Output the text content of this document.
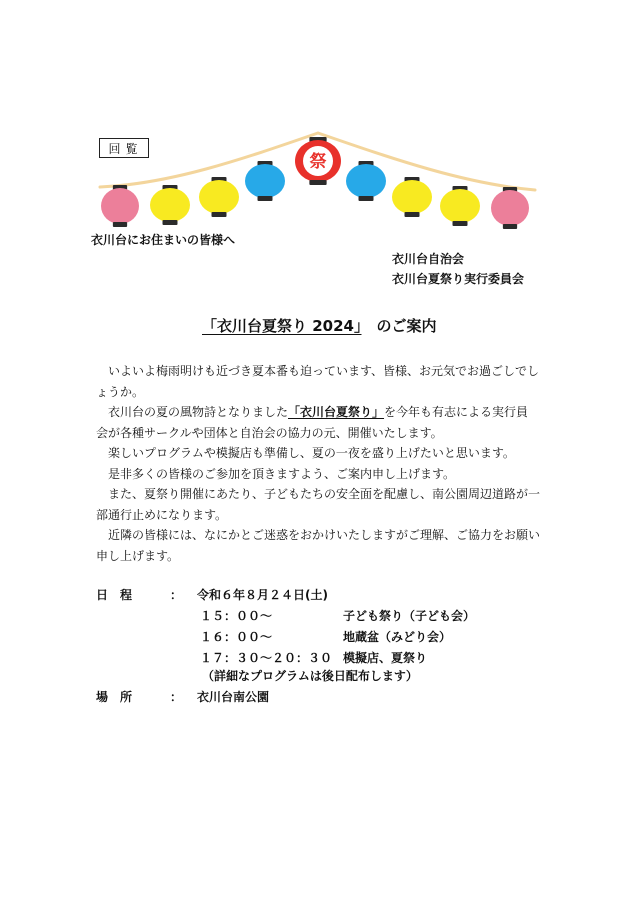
回覧
祭
衣川台にお住まいの皆様へ
衣川台自治会
衣川台夏祭り実行委員会
「衣川台夏祭り 2024」　 のご案内

いよいよ梅雨明けも近づき夏本番も迫っています、皆様、お元気でお過ごしでしょうか。

衣川台の夏の風物詩となりました「衣川台夏祭り」を今年も有志による実行員会が各種サークルや団体と自治会の協力の元、開催いたします。

楽しいプログラムや模擬店も準備し、夏の一夜を盛り上げたいと思います。

是非多くの皆様のご参加を頂きますよう、ご案内申し上げます。

また、夏祭り開催にあたり、子どもたちの安全面を配慮し、南公園周辺道路が一部通行止めになります。

近隣の皆様には、なにかとご迷惑をおかけいたしますがご理解、ご協力をお願い申し上げます。

日　程	： 令和６年８月２４日(土)
１５：００～	子ども祭り（子ども会）
１６：００～	地蔵盆（みどり会）
１７：３０～２０：３０ 模擬店、夏祭り
（詳細なプログラムは後日配布します）
場　所	： 衣川台南公園
